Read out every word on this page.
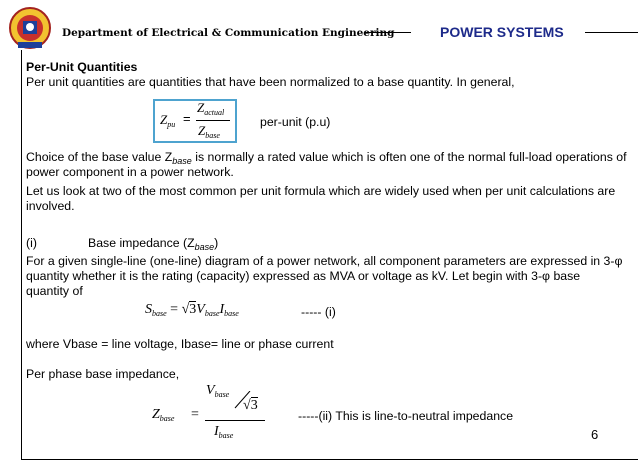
Department of Electrical & Communication Engineering	POWER SYSTEMS
Per-Unit Quantities
Per unit quantities are quantities that have been normalized to a base quantity. In general,
$Z_{pu}$ =
$Z_{actual}$
$Z_{base}$
per-unit (p.u)
Choice of the base value $Z_{base}$ is normally a rated value which is often one of the normal full-load operations of
power component in a power network.
Let us look at two of the most common per unit formula which are widely used when per unit calculations are
involved.
(i)	Base impedance $(Z_{base})$
For a given single-line (one-line) diagram of a power network, all component parameters are expressed in 3-φ
quantity whether it is the rating (capacity) expressed as MVA or voltage as kV. Let begin with 3-φ base
quantity of
$S_{base} = √3V_{base}I_{base}$	----- (i)
where Vbase = line voltage, Ibase= line or phase current
Per phase base impedance,
$Z_{base}$ =
$V_{base}$
√3
$I_{base}$
-----(ii) This is line-to-neutral impedance
6
